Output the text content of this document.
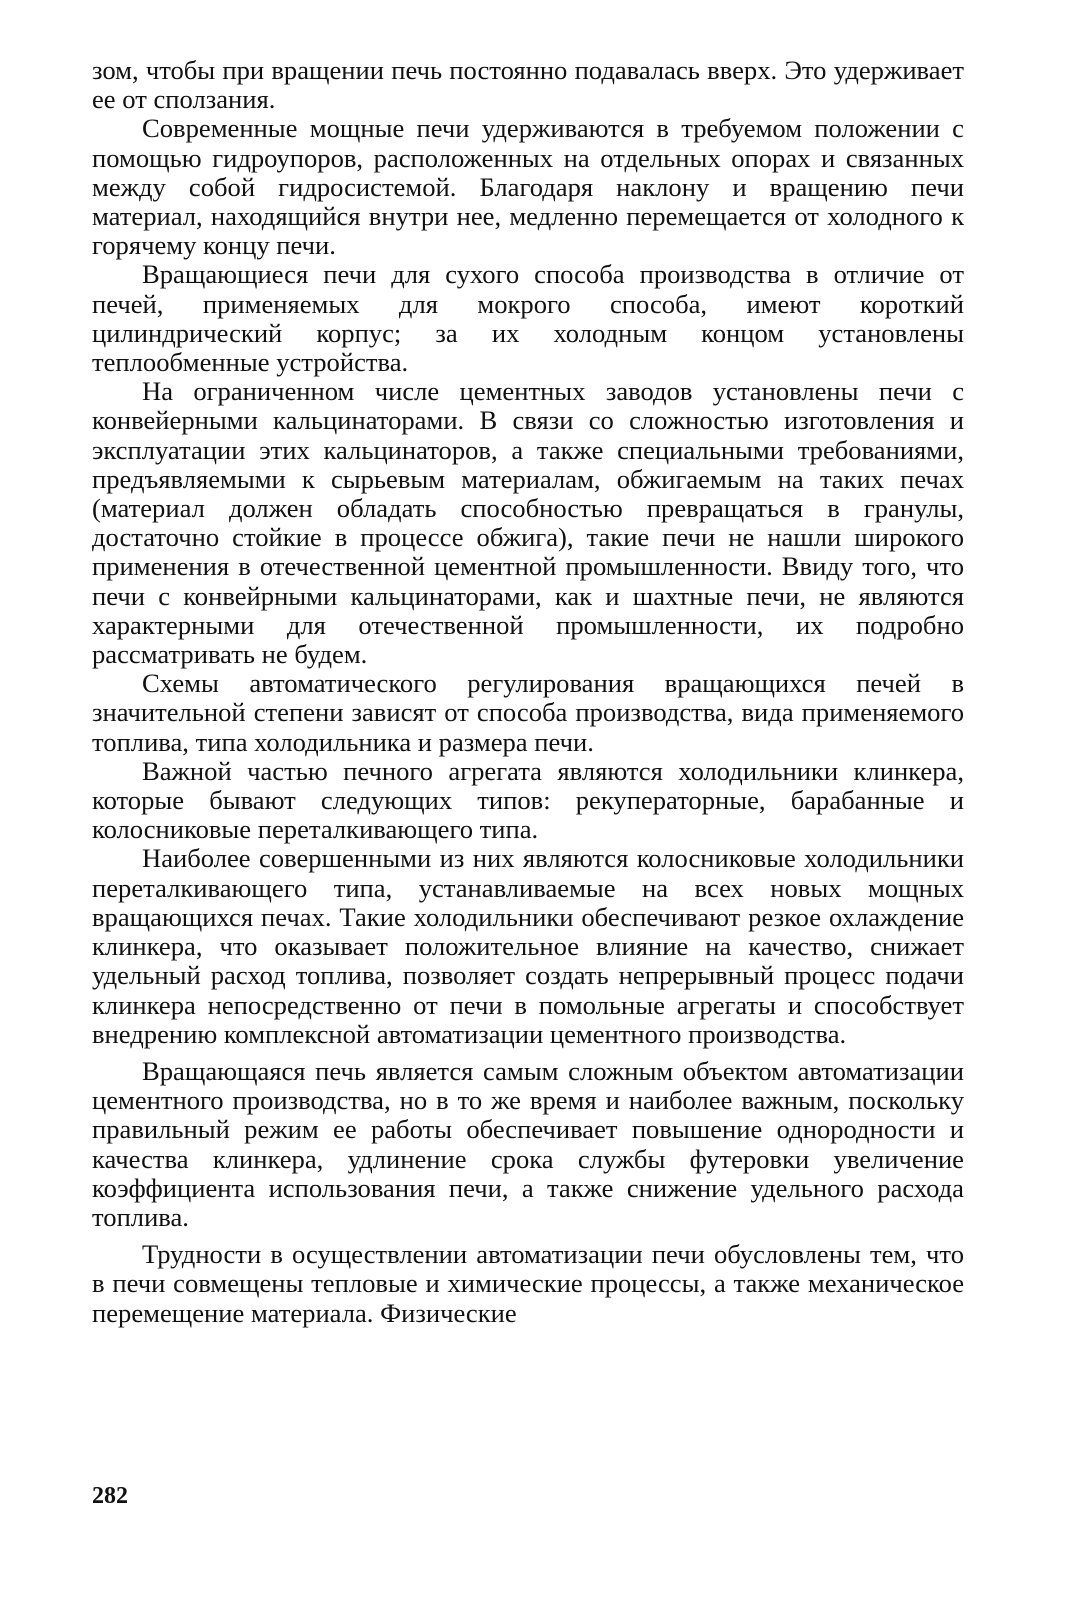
зом, чтобы при вращении печь постоянно подавалась вверх. Это удерживает ее от сползания.

Современные мощные печи удерживаются в требуемом положении с помощью гидроупоров, расположенных на отдельных опорах и связанных между собой гидросистемой. Благодаря наклону и вращению печи материал, находящийся внутри нее, медленно перемещается от холодного к горячему концу печи.

Вращающиеся печи для сухого способа производства в отличие от печей, применяемых для мокрого способа, имеют короткий цилиндрический корпус; за их холодным концом установлены теплообменные устройства.

На ограниченном числе цементных заводов установлены печи с конвейерными кальцинаторами. В связи со сложностью изготовления и эксплуатации этих кальцинаторов, а также специальными требованиями, предъявляемыми к сырьевым материалам, обжигаемым на таких печах (материал должен обладать способностью превращаться в гранулы, достаточно стойкие в процессе обжига), такие печи не нашли широкого применения в отечественной цементной промышленности. Ввиду того, что печи с конвейрными кальцинаторами, как и шахтные печи, не являются характерными для отечественной промышленности, их подробно рассматривать не будем.

Схемы автоматического регулирования вращающихся печей в значительной степени зависят от способа производства, вида применяемого топлива, типа холодильника и размера печи.

Важной частью печного агрегата являются холодильники клинкера, которые бывают следующих типов: рекуператорные, барабанные и колосниковые переталкивающего типа.

Наиболее совершенными из них являются колосниковые холодильники переталкивающего типа, устанавливаемые на всех новых мощных вращающихся печах. Такие холодильники обеспечивают резкое охлаждение клинкера, что оказывает положительное влияние на качество, снижает удельный расход топлива, позволяет создать непрерывный процесс подачи клинкера непосредственно от печи в помольные агрегаты и способствует внедрению комплексной автоматизации цементного производства.

Вращающаяся печь является самым сложным объектом автоматизации цементного производства, но в то же время и наиболее важным, поскольку правильный режим ее работы обеспечивает повышение однородности и качества клинкера, удлинение срока службы футеровки увеличение коэффициента использования печи, а также снижение удельного расхода топлива.

Трудности в осуществлении автоматизации печи обусловлены тем, что в печи совмещены тепловые и химические процессы, а также механическое перемещение материала. Физические

282
